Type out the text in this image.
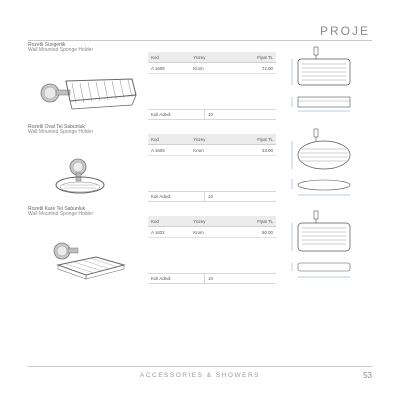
PROJE
Rozetli Süngerlik
Wall Mounted Sponge Holder
Kod	Yüzey	Fiyat TL
A 1608	Krom	72.00
Koli Adedi	10
Rozetli Oval Tel Sabunluk
Wall Mounted Sponge Holder
Kod	Yüzey	Fiyat TL
A 1609	Krom	33.00
Koli Adedi	10
Rozetli Kare Tel Sabunluk
Wall Mounted Sponge Holder
Kod	Yüzey	Fiyat TL
A 1622	Krom	50.00
Koli Adedi	10
ACCESSORIES & SHOWERS	53
